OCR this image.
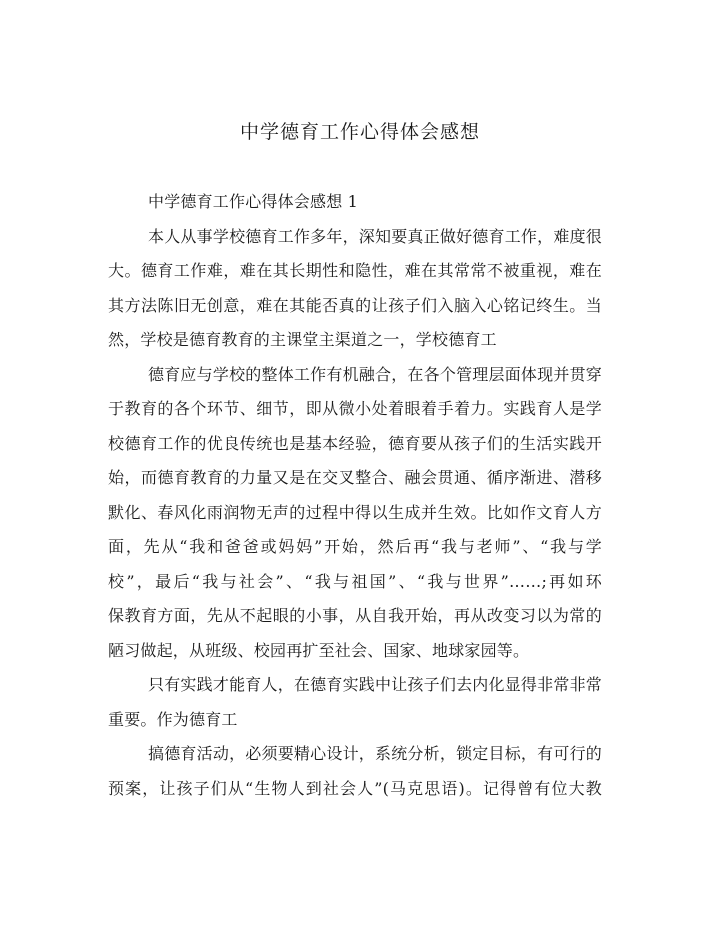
中学德育工作心得体会感想
中学德育工作心得体会感想 1
本人从事学校德育工作多年，深知要真正做好德育工作，难度很
大。德育工作难，难在其长期性和隐性，难在其常常不被重视，难在
其方法陈旧无创意，难在其能否真的让孩子们入脑入心铭记终生。当
然，学校是德育教育的主课堂主渠道之一，学校德育工
德育应与学校的整体工作有机融合，在各个管理层面体现并贯穿
于教育的各个环节、细节，即从微小处着眼着手着力。实践育人是学
校德育工作的优良传统也是基本经验，德育要从孩子们的生活实践开
始，而德育教育的力量又是在交叉整合、融会贯通、循序渐进、潜移
默化、春风化雨润物无声的过程中得以生成并生效。比如作文育人方
面，先从“我和爸爸或妈妈”开始，然后再“我与老师”、“我与学
校”，最后“我与社会”、“我与祖国”、“我与世界”……;再如环
保教育方面，先从不起眼的小事，从自我开始，再从改变习以为常的
陋习做起，从班级、校园再扩至社会、国家、地球家园等。
只有实践才能育人，在德育实践中让孩子们去内化显得非常非常
重要。作为德育工
搞德育活动，必须要精心设计，系统分析，锁定目标，有可行的
预案，让孩子们从“生物人到社会人”(马克思语)。记得曾有位大教
